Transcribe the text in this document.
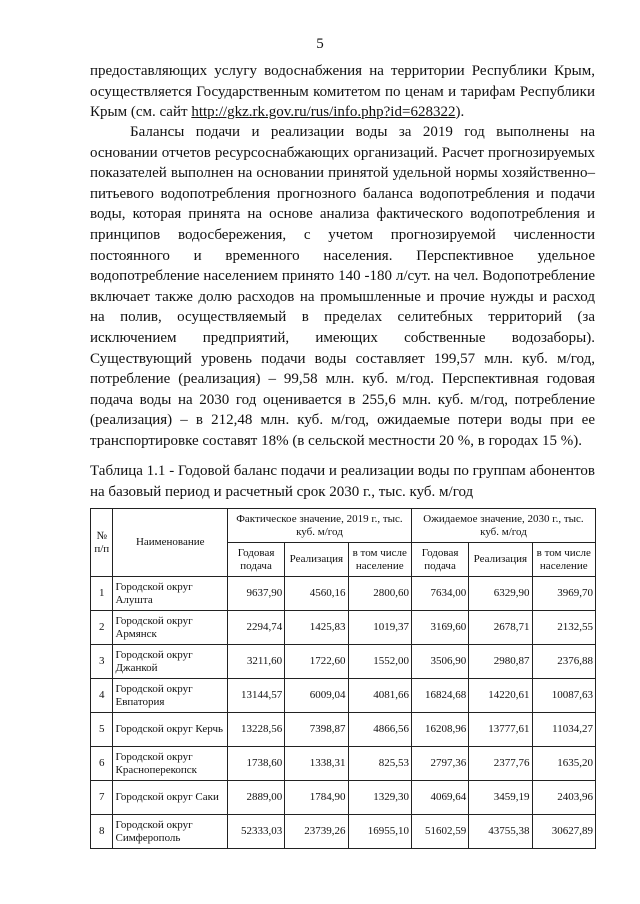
5

предоставляющих услугу водоснабжения на территории Республики Крым, осуществляется Государственным комитетом по ценам и тарифам Республики Крым (см. сайт http://gkz.rk.gov.ru/rus/info.php?id=628322).

Балансы подачи и реализации воды за 2019 год выполнены на основании отчетов ресурсоснабжающих организаций. Расчет прогнозируемых показателей выполнен на основании принятой удельной нормы хозяйственно–питьевого водопотребления прогнозного баланса водопотребления и подачи воды, которая принята на основе анализа фактического водопотребления и принципов водосбережения, с учетом прогнозируемой численности постоянного и временного населения. Перспективное удельное водопотребление населением принято 140 -180 л/сут. на чел. Водопотребление включает также долю расходов на промышленные и прочие нужды и расход на полив, осуществляемый в пределах селитебных территорий (за исключением предприятий, имеющих собственные водозаборы). Существующий уровень подачи воды составляет 199,57 млн. куб. м/год, потребление (реализация) – 99,58 млн. куб. м/год. Перспективная годовая подача воды на 2030 год оценивается в 255,6 млн. куб. м/год, потребление (реализация) – в 212,48 млн. куб. м/год, ожидаемые потери воды при ее транспортировке составят 18% (в сельской местности 20 %, в городах 15 %).

Таблица 1.1 - Годовой баланс подачи и реализации воды по группам абонентов на базовый период и расчетный срок 2030 г., тыс. куб. м/год

№ п/п	Наименование	Фактическое значение, 2019 г., тыс. куб. м/год			Ожидаемое значение, 2030 г., тыс. куб. м/год		
		Годовая подача	Реализация	в том числе население	Годовая подача	Реализация	в том числе население
1	Городской округ Алушта	9637,90	4560,16	2800,60	7634,00	6329,90	3969,70
2	Городской округ Армянск	2294,74	1425,83	1019,37	3169,60	2678,71	2132,55
3	Городской округ Джанкой	3211,60	1722,60	1552,00	3506,90	2980,87	2376,88
4	Городской округ Евпатория	13144,57	6009,04	4081,66	16824,68	14220,61	10087,63
5	Городской округ Керчь	13228,56	7398,87	4866,56	16208,96	13777,61	11034,27
6	Городской округ Красноперекопск	1738,60	1338,31	825,53	2797,36	2377,76	1635,20
7	Городской округ Саки	2889,00	1784,90	1329,30	4069,64	3459,19	2403,96
8	Городской округ Симферополь	52333,03	23739,26	16955,10	51602,59	43755,38	30627,89
